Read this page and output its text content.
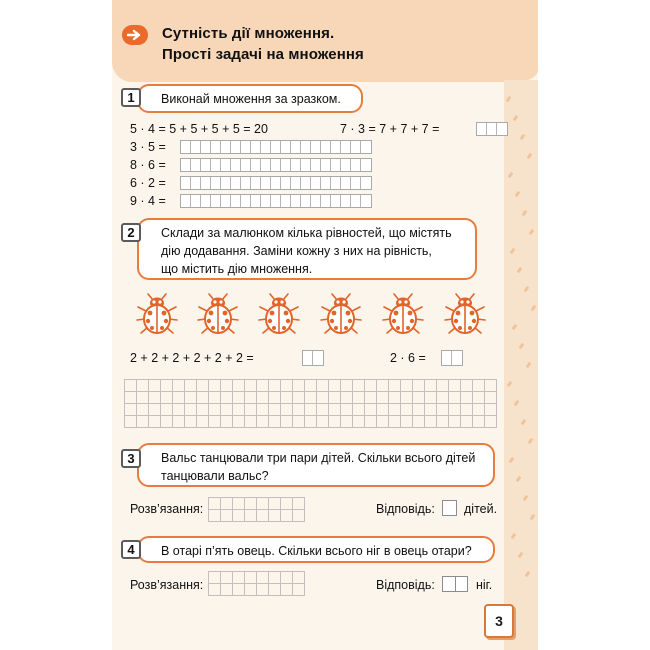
Сутність дії множення.
Прості задачі на множення
Виконай множення за зразком.
1
5 · 4 = 5 + 5 + 5 + 5 = 20	7 · 3 = 7 + 7 + 7 =
3 · 5 =
8 · 6 =
6 · 2 =
9 · 4 =
Склади за малюнком кілька рівностей, що містять
дію додавання. Заміни кожну з них на рівність,
що містить дію множення.
2
2 + 2 + 2 + 2 + 2 + 2 =	2 · 6 =
Вальс танцювали три пари дітей. Скільки всього дітей
танцювали вальс?
3
Розв’язання:	Відповідь: дітей.
В отарі п’ять овець. Скільки всього ніг в овець отари?
4
Розв’язання:	Відповідь:	ніг.
3
